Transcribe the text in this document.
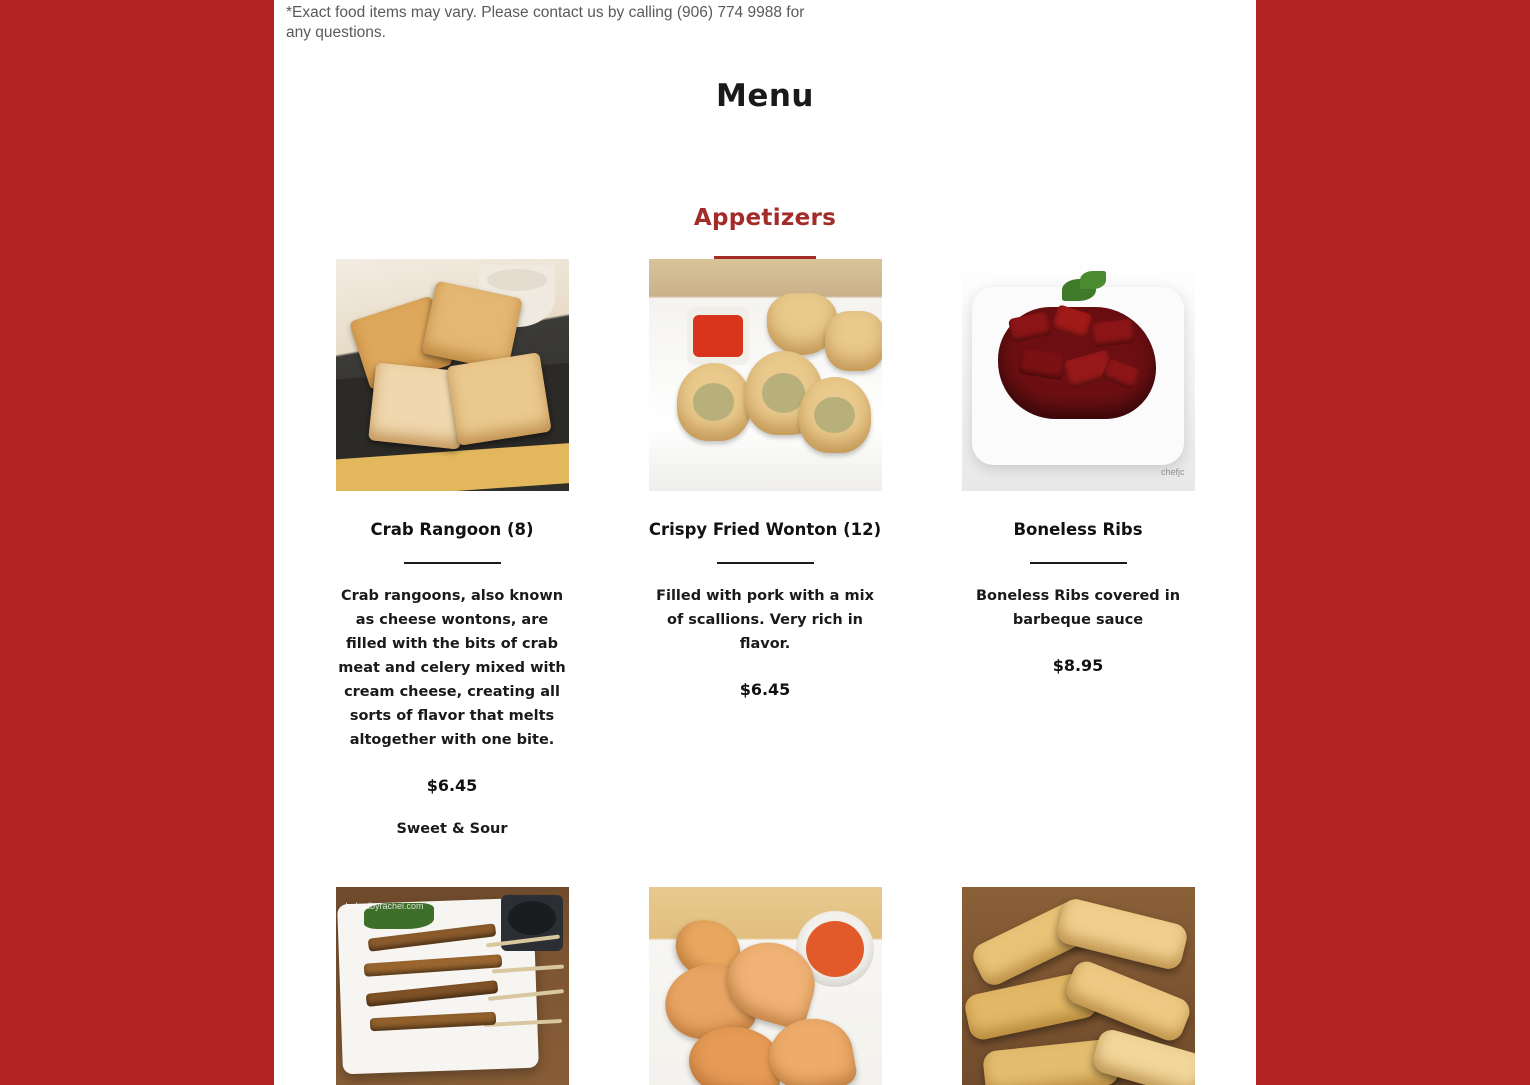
*Exact food items may vary. Please contact us by calling (906) 774 9988 for any questions.
Menu
Appetizers
Crab Rangoon (8)
Crab rangoons, also known as cheese wontons, are filled with the bits of crab meat and celery mixed with cream cheese, creating all sorts of flavor that melts altogether with one bite.
$6.45
Sweet & Sour
Crispy Fried Wonton (12)
Filled with pork with a mix of scallions. Very rich in flavor.
$6.45
chefjc
Boneless Ribs
Boneless Ribs covered in barbeque sauce
$8.95
bakedbyrachel.com
